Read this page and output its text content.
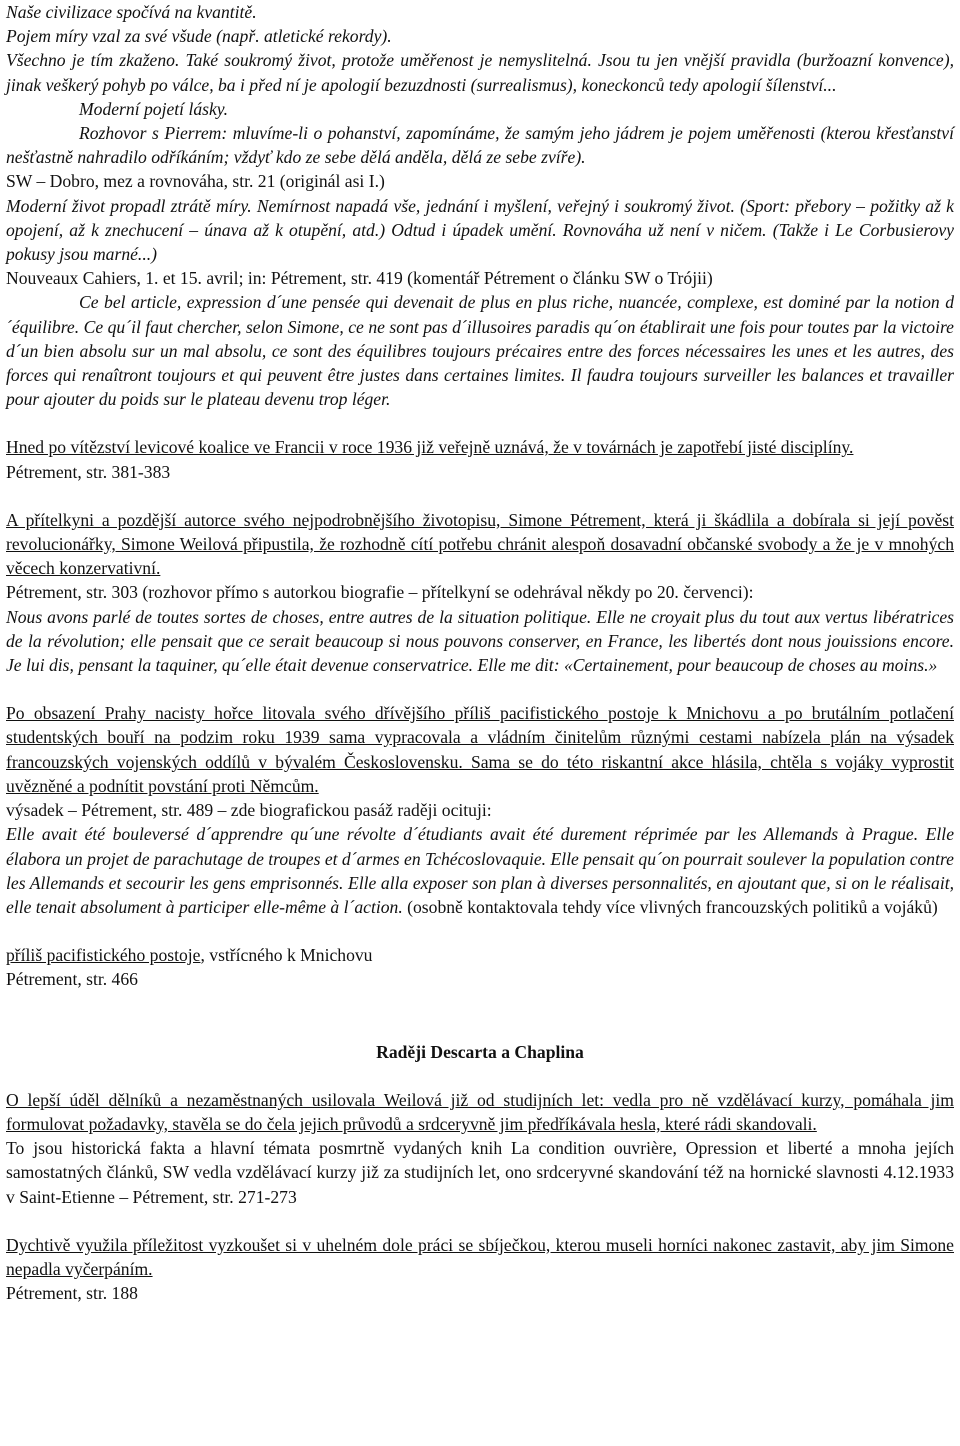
Naše civilizace spočívá na kvantitě.

Pojem míry vzal za své všude (např. atletické rekordy).

Všechno je tím zkaženo. Také soukromý život, protože uměřenost je nemyslitelná. Jsou tu jen vnější pravidla (buržoazní konvence), jinak veškerý pohyb po válce, ba i před ní je apologií bezuzdnosti (surrealismus), koneckonců tedy apologií šílenství...

Moderní pojetí lásky.

Rozhovor s Pierrem: mluvíme-li o pohanství, zapomínáme, že samým jeho jádrem je pojem uměřenosti (kterou křesťanství nešťastně nahradilo odříkáním; vždyť kdo ze sebe dělá anděla, dělá ze sebe zvíře).

SW – Dobro, mez a rovnováha, str. 21 (originál asi I.)

Moderní život propadl ztrátě míry. Nemírnost napadá vše, jednání i myšlení, veřejný i soukromý život. (Sport: přebory – požitky až k opojení, až k znechucení – únava až k otupění, atd.) Odtud i úpadek umění. Rovnováha už není v ničem. (Takže i Le Corbusierovy pokusy jsou marné...)

Nouveaux Cahiers, 1. et 15. avril; in: Pétrement, str. 419 (komentář Pétrement o článku SW o Trójii)

Ce bel article, expression d´une pensée qui devenait de plus en plus riche, nuancée, complexe, est dominé par la notion d´équilibre. Ce qu´il faut chercher, selon Simone, ce ne sont pas d´illusoires paradis qu´on établirait une fois pour toutes par la victoire d´un bien absolu sur un mal absolu, ce sont des équilibres toujours précaires entre des forces nécessaires les unes et les autres, des forces qui renaîtront toujours et qui peuvent être justes dans certaines limites. Il faudra toujours surveiller les balances et travailler pour ajouter du poids sur le plateau devenu trop léger.

Hned po vítězství levicové koalice ve Francii v roce 1936 již veřejně uznává, že v továrnách je zapotřebí jisté disciplíny.

Pétrement, str. 381-383

A přítelkyni a pozdější autorce svého nejpodrobnějšího životopisu, Simone Pétrement, která ji škádlila a dobírala si její pověst revolucionářky, Simone Weilová připustila, že rozhodně cítí potřebu chránit alespoň dosavadní občanské svobody a že je v mnohých věcech konzervativní.

Pétrement, str. 303 (rozhovor přímo s autorkou biografie – přítelkyní se odehrával někdy po 20. červenci):

Nous avons parlé de toutes sortes de choses, entre autres de la situation politique. Elle ne croyait plus du tout aux vertus libératrices de la révolution; elle pensait que ce serait beaucoup si nous pouvons conserver, en France, les libertés dont nous jouissions encore. Je lui dis, pensant la taquiner, qu´elle était devenue conservatrice. Elle me dit: «Certainement, pour beaucoup de choses au moins.»

Po obsazení Prahy nacisty hořce litovala svého dřívějšího příliš pacifistického postoje k Mnichovu a po brutálním potlačení studentských bouří na podzim roku 1939 sama vypracovala a vládním činitelům různými cestami nabízela plán na výsadek francouzských vojenských oddílů v bývalém Československu. Sama se do této riskantní akce hlásila, chtěla s vojáky vyprostit uvězněné a podnítit povstání proti Němcům.

výsadek – Pétrement, str. 489 – zde biografickou pasáž raději ocituji:

Elle avait été bouleversé d´apprendre qu´une révolte d´étudiants avait été durement réprimée par les Allemands à Prague. Elle élabora un projet de parachutage de troupes et d´armes en Tchécoslovaquie. Elle pensait qu´on pourrait soulever la population contre les Allemands et secourir les gens emprisonnés. Elle alla exposer son plan à diverses personnalités, en ajoutant que, si on le réalisait, elle tenait absolument à participer elle-même à l´action. (osobně kontaktovala tehdy více vlivných francouzských politiků a vojáků)

příliš pacifistického postoje, vstřícného k Mnichovu

Pétrement, str. 466

Raději Descarta a Chaplina

O lepší úděl dělníků a nezaměstnaných usilovala Weilová již od studijních let: vedla pro ně vzdělávací kurzy, pomáhala jim formulovat požadavky, stavěla se do čela jejich průvodů a srdceryvně jim předříkávala hesla, které rádi skandovali.

To jsou historická fakta a hlavní témata posmrtně vydaných knih La condition ouvrière, Opression et liberté a mnoha jejích samostatných článků, SW vedla vzdělávací kurzy již za studijních let, ono srdceryvné skandování též na hornické slavnosti 4.12.1933 v Saint-Etienne – Pétrement, str. 271-273

Dychtivě využila příležitost vyzkoušet si v uhelném dole práci se sbíječkou, kterou museli horníci nakonec zastavit, aby jim Simone nepadla vyčerpáním.

Pétrement, str. 188
